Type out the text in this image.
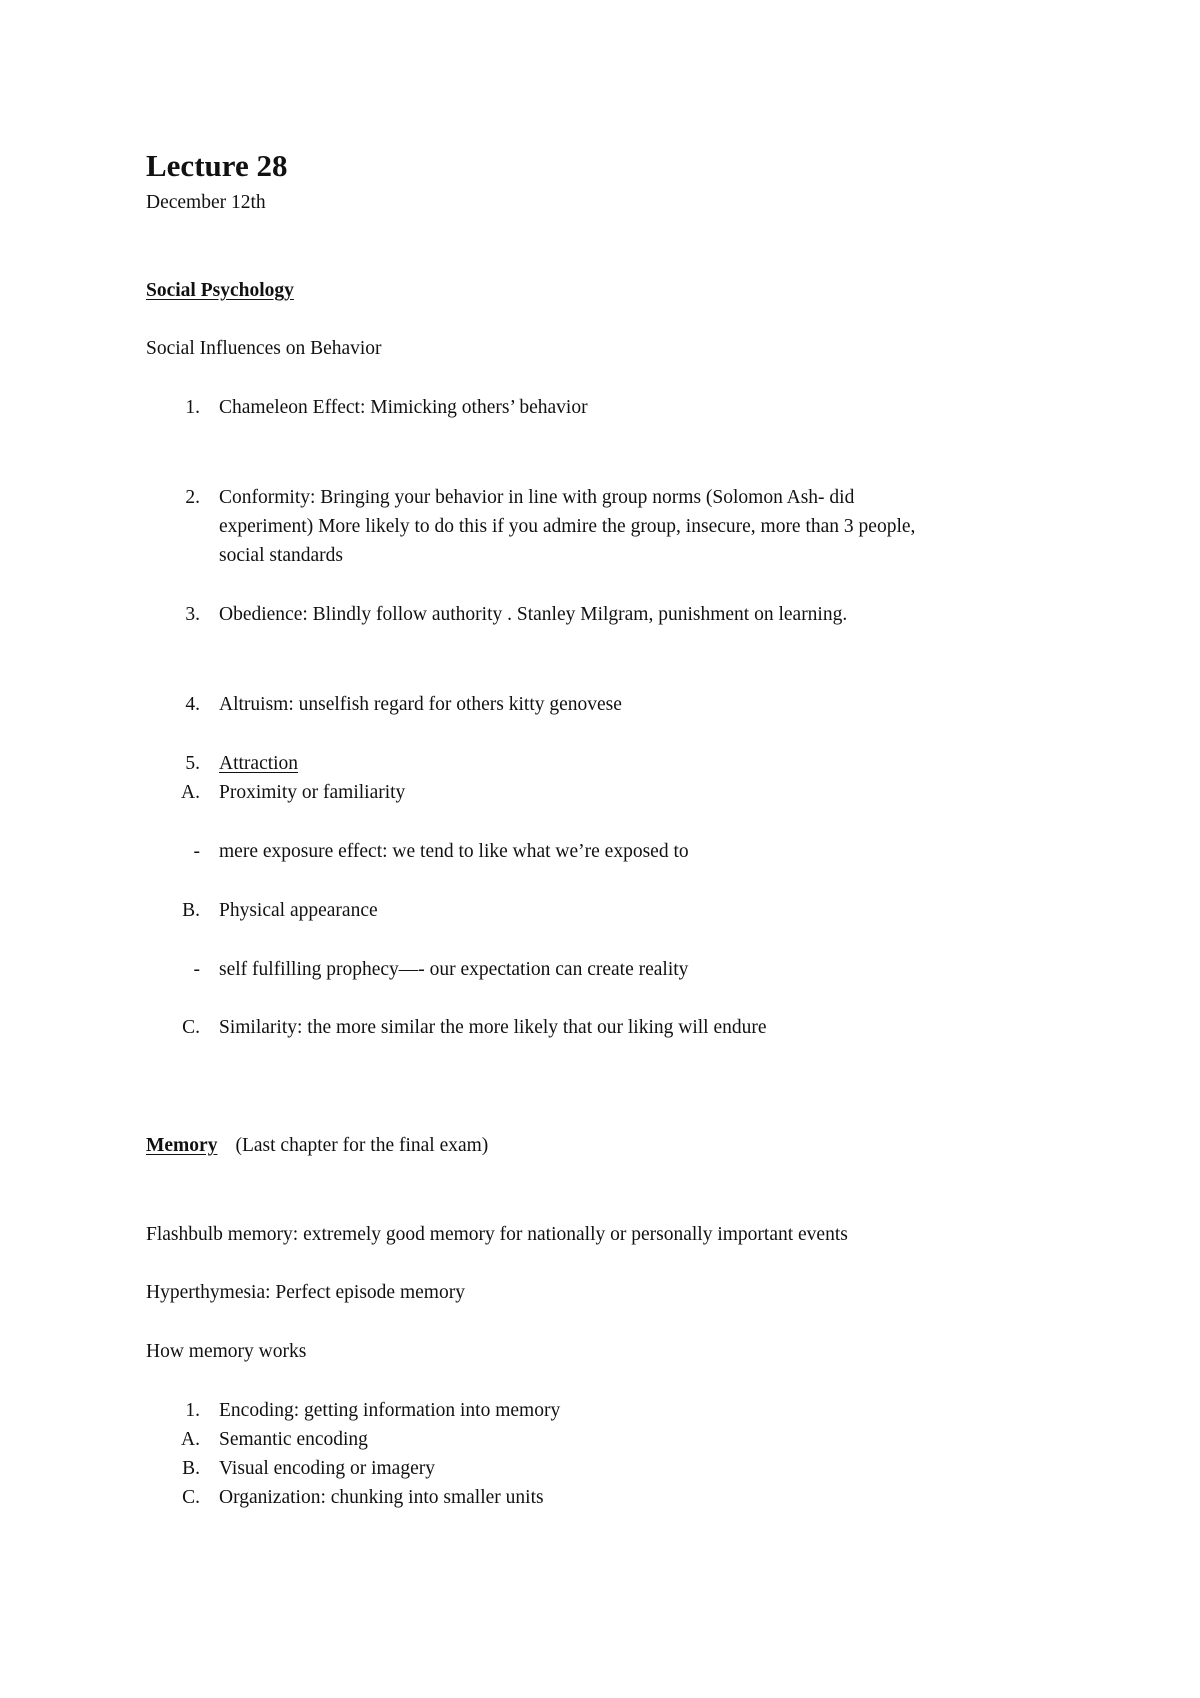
Lecture 28
December 12th
Social Psychology
Social Influences on Behavior
1. Chameleon Effect: Mimicking others’ behavior
2. Conformity: Bringing your behavior in line with group norms (Solomon Ash- did
experiment) More likely to do this if you admire the group, insecure, more than 3 people,
social standards
3. Obedience: Blindly follow authority . Stanley Milgram, punishment on learning.
4. Altruism: unselfish regard for others kitty genovese
5. Attraction
A. Proximity or familiarity
- mere exposure effect: we tend to like what we’re exposed to
B. Physical appearance
- self fulfilling prophecy—- our expectation can create reality
C. Similarity: the more similar the more likely that our liking will endure
Memory (Last chapter for the final exam)
Flashbulb memory: extremely good memory for nationally or personally important events
Hyperthymesia: Perfect episode memory
How memory works
1. Encoding: getting information into memory
A. Semantic encoding
B. Visual encoding or imagery
C. Organization: chunking into smaller units
